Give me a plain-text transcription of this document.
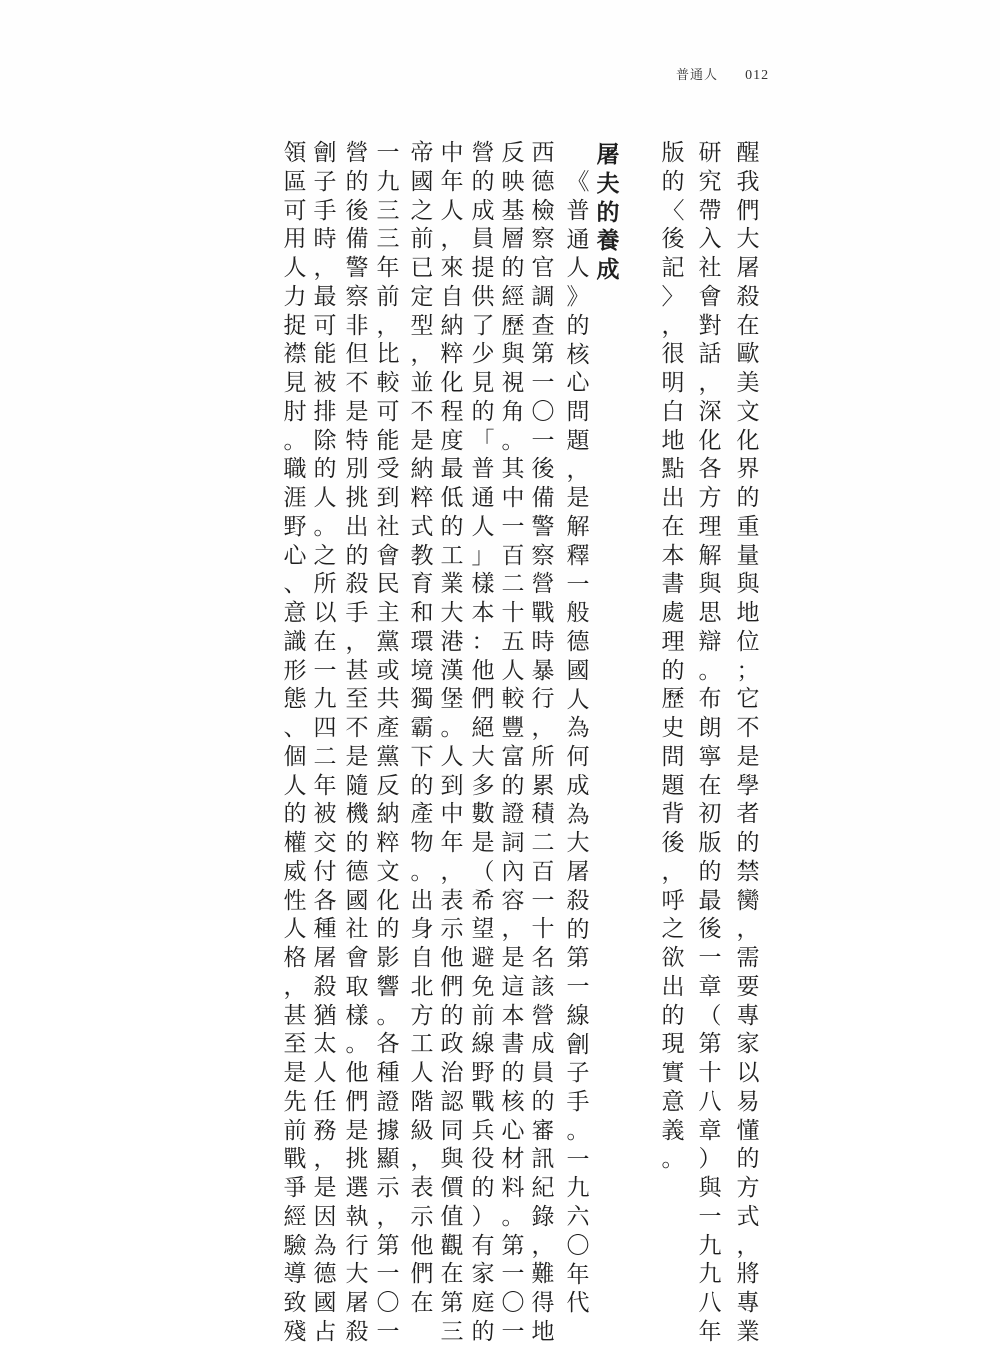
普通人 012
醒
我
們
大
屠
殺
在
歐
美
文
化
界
的
重
量
與
地
位
；
它
不
是
學
者
的
禁
臠
，
需
要
專
家
以
易
懂
的
方
式
，
將
專
業
研
究
帶
入
社
會
對
話
，
深
化
各
方
理
解
與
思
辯
。
布
朗
寧
在
初
版
的
最
後
一
章
（
第
十
八
章
）
與
一
九
九
八
年
版
的
〈
後
記
〉
，
很
明
白
地
點
出
在
本
書
處
理
的
歷
史
問
題
背
後
，
呼
之
欲
出
的
現
實
意
義
。
屠
夫
的
養
成
《
普
通
人
》
的
核
心
問
題
，
是
解
釋
一
般
德
國
人
為
何
成
為
大
屠
殺
的
第
一
線
劊
子
手
。
一
九
六
〇
年
代
西
德
檢
察
官
調
查
第
一
〇
一
後
備
警
察
營
戰
時
暴
行
，
所
累
積
二
百
一
十
名
該
營
成
員
的
審
訊
紀
錄
，
難
得
地
反
映
基
層
的
經
歷
與
視
角
。
其
中
一
百
二
十
五
人
較
豐
富
的
證
詞
內
容
，
是
這
本
書
的
核
心
材
料
。
第
一
〇
一
營
的
成
員
提
供
了
少
見
的
「
普
通
人
」
樣
本
：
他
們
絕
大
多
數
是
（
希
望
避
免
前
線
野
戰
兵
役
的
）
有
家
庭
的
中
年
人
，
來
自
納
粹
化
程
度
最
低
的
工
業
大
港
漢
堡
。
人
到
中
年
，
表
示
他
們
的
政
治
認
同
與
價
值
觀
在
第
三
帝
國
之
前
已
定
型
，
並
不
是
納
粹
式
教
育
和
環
境
獨
霸
下
的
產
物
。
出
身
自
北
方
工
人
階
級
，
表
示
他
們
在
一
九
三
三
年
前
，
比
較
可
能
受
到
社
會
民
主
黨
或
共
產
黨
反
納
粹
文
化
的
影
響
。
各
種
證
據
顯
示
，
第
一
〇
一
營
的
後
備
警
察
非
但
不
是
特
別
挑
出
的
殺
手
，
甚
至
不
是
隨
機
的
德
國
社
會
取
樣
。
他
們
是
挑
選
執
行
大
屠
殺
劊
子
手
時
，
最
可
能
被
排
除
的
人
。
之
所
以
在
一
九
四
二
年
被
交
付
各
種
屠
殺
猶
太
人
任
務
，
是
因
為
德
國
占
領
區
可
用
人
力
捉
襟
見
肘
。
職
涯
野
心
、
意
識
形
態
、
個
人
的
權
威
性
人
格
，
甚
至
是
先
前
戰
爭
經
驗
導
致
殘
